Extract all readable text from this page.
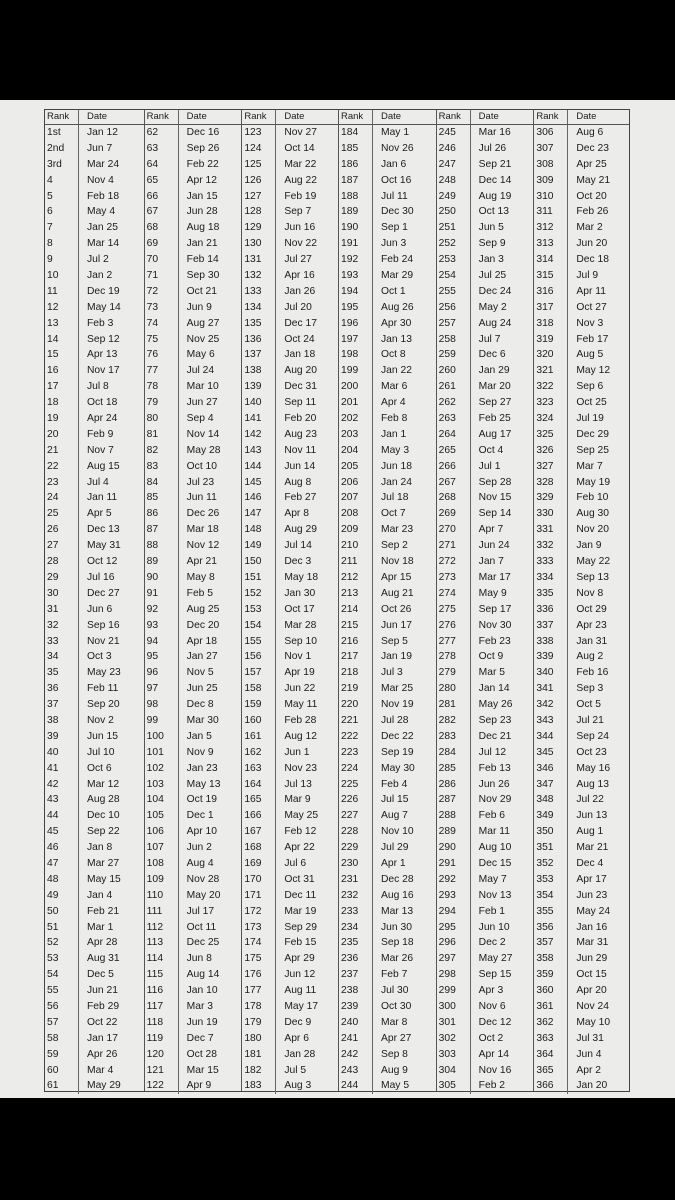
Rank	Date
1st	Jan 12
2nd	Jun 7
3rd	Mar 24
4	Nov 4
5	Feb 18
6	May 4
7	Jan 25
8	Mar 14
9	Jul 2
10	Jan 2
11	Dec 19
12	May 14
13	Feb 3
14	Sep 12
15	Apr 13
16	Nov 17
17	Jul 8
18	Oct 18
19	Apr 24
20	Feb 9
21	Nov 7
22	Aug 15
23	Jul 4
24	Jan 11
25	Apr 5
26	Dec 13
27	May 31
28	Oct 12
29	Jul 16
30	Dec 27
31	Jun 6
32	Sep 16
33	Nov 21
34	Oct 3
35	May 23
36	Feb 11
37	Sep 20
38	Nov 2
39	Jun 15
40	Jul 10
41	Oct 6
42	Mar 12
43	Aug 28
44	Dec 10
45	Sep 22
46	Jan 8
47	Mar 27
48	May 15
49	Jan 4
50	Feb 21
51	Mar 1
52	Apr 28
53	Aug 31
54	Dec 5
55	Jun 21
56	Feb 29
57	Oct 22
58	Jan 17
59	Apr 26
60	Mar 4
61	May 29
Rank	Date
62	Dec 16
63	Sep 26
64	Feb 22
65	Apr 12
66	Jan 15
67	Jun 28
68	Aug 18
69	Jan 21
70	Feb 14
71	Sep 30
72	Oct 21
73	Jun 9
74	Aug 27
75	Nov 25
76	May 6
77	Jul 24
78	Mar 10
79	Jun 27
80	Sep 4
81	Nov 14
82	May 28
83	Oct 10
84	Jul 23
85	Jun 11
86	Dec 26
87	Mar 18
88	Nov 12
89	Apr 21
90	May 8
91	Feb 5
92	Aug 25
93	Dec 20
94	Apr 18
95	Jan 27
96	Nov 5
97	Jun 25
98	Dec 8
99	Mar 30
100	Jan 5
101	Nov 9
102	Jan 23
103	May 13
104	Oct 19
105	Dec 1
106	Apr 10
107	Jun 2
108	Aug 4
109	Nov 28
110	May 20
111	Jul 17
112	Oct 11
113	Dec 25
114	Jun 8
115	Aug 14
116	Jan 10
117	Mar 3
118	Jun 19
119	Dec 7
120	Oct 28
121	Mar 15
122	Apr 9
Rank	Date
123	Nov 27
124	Oct 14
125	Mar 22
126	Aug 22
127	Feb 19
128	Sep 7
129	Jun 16
130	Nov 22
131	Jul 27
132	Apr 16
133	Jan 26
134	Jul 20
135	Dec 17
136	Oct 24
137	Jan 18
138	Aug 20
139	Dec 31
140	Sep 11
141	Feb 20
142	Aug 23
143	Nov 11
144	Jun 14
145	Aug 8
146	Feb 27
147	Apr 8
148	Aug 29
149	Jul 14
150	Dec 3
151	May 18
152	Jan 30
153	Oct 17
154	Mar 28
155	Sep 10
156	Nov 1
157	Apr 19
158	Jun 22
159	May 11
160	Feb 28
161	Aug 12
162	Jun 1
163	Nov 23
164	Jul 13
165	Mar 9
166	May 25
167	Feb 12
168	Apr 22
169	Jul 6
170	Oct 31
171	Dec 11
172	Mar 19
173	Sep 29
174	Feb 15
175	Apr 29
176	Jun 12
177	Aug 11
178	May 17
179	Dec 9
180	Apr 6
181	Jan 28
182	Jul 5
183	Aug 3
Rank	Date
184	May 1
185	Nov 26
186	Jan 6
187	Oct 16
188	Jul 11
189	Dec 30
190	Sep 1
191	Jun 3
192	Feb 24
193	Mar 29
194	Oct 1
195	Aug 26
196	Apr 30
197	Jan 13
198	Oct 8
199	Jan 22
200	Mar 6
201	Apr 4
202	Feb 8
203	Jan 1
204	May 3
205	Jun 18
206	Jan 24
207	Jul 18
208	Oct 7
209	Mar 23
210	Sep 2
211	Nov 18
212	Apr 15
213	Aug 21
214	Oct 26
215	Jun 17
216	Sep 5
217	Jan 19
218	Jul 3
219	Mar 25
220	Nov 19
221	Jul 28
222	Dec 22
223	Sep 19
224	May 30
225	Feb 4
226	Jul 15
227	Aug 7
228	Nov 10
229	Jul 29
230	Apr 1
231	Dec 28
232	Aug 16
233	Mar 13
234	Jun 30
235	Sep 18
236	Mar 26
237	Feb 7
238	Jul 30
239	Oct 30
240	Mar 8
241	Apr 27
242	Sep 8
243	Aug 9
244	May 5
Rank	Date
245	Mar 16
246	Jul 26
247	Sep 21
248	Dec 14
249	Aug 19
250	Oct 13
251	Jun 5
252	Sep 9
253	Jan 3
254	Jul 25
255	Dec 24
256	May 2
257	Aug 24
258	Jul 7
259	Dec 6
260	Jan 29
261	Mar 20
262	Sep 27
263	Feb 25
264	Aug 17
265	Oct 4
266	Jul 1
267	Sep 28
268	Nov 15
269	Sep 14
270	Apr 7
271	Jun 24
272	Jan 7
273	Mar 17
274	May 9
275	Sep 17
276	Nov 30
277	Feb 23
278	Oct 9
279	Mar 5
280	Jan 14
281	May 26
282	Sep 23
283	Dec 21
284	Jul 12
285	Feb 13
286	Jun 26
287	Nov 29
288	Feb 6
289	Mar 11
290	Aug 10
291	Dec 15
292	May 7
293	Nov 13
294	Feb 1
295	Jun 10
296	Dec 2
297	May 27
298	Sep 15
299	Apr 3
300	Nov 6
301	Dec 12
302	Oct 2
303	Apr 14
304	Nov 16
305	Feb 2
Rank	Date
306	Aug 6
307	Dec 23
308	Apr 25
309	May 21
310	Oct 20
311	Feb 26
312	Mar 2
313	Jun 20
314	Dec 18
315	Jul 9
316	Apr 11
317	Oct 27
318	Nov 3
319	Feb 17
320	Aug 5
321	May 12
322	Sep 6
323	Oct 25
324	Jul 19
325	Dec 29
326	Sep 25
327	Mar 7
328	May 19
329	Feb 10
330	Aug 30
331	Nov 20
332	Jan 9
333	May 22
334	Sep 13
335	Nov 8
336	Oct 29
337	Apr 23
338	Jan 31
339	Aug 2
340	Feb 16
341	Sep 3
342	Oct 5
343	Jul 21
344	Sep 24
345	Oct 23
346	May 16
347	Aug 13
348	Jul 22
349	Jun 13
350	Aug 1
351	Mar 21
352	Dec 4
353	Apr 17
354	Jun 23
355	May 24
356	Jan 16
357	Mar 31
358	Jun 29
359	Oct 15
360	Apr 20
361	Nov 24
362	May 10
363	Jul 31
364	Jun 4
365	Apr 2
366	Jan 20
